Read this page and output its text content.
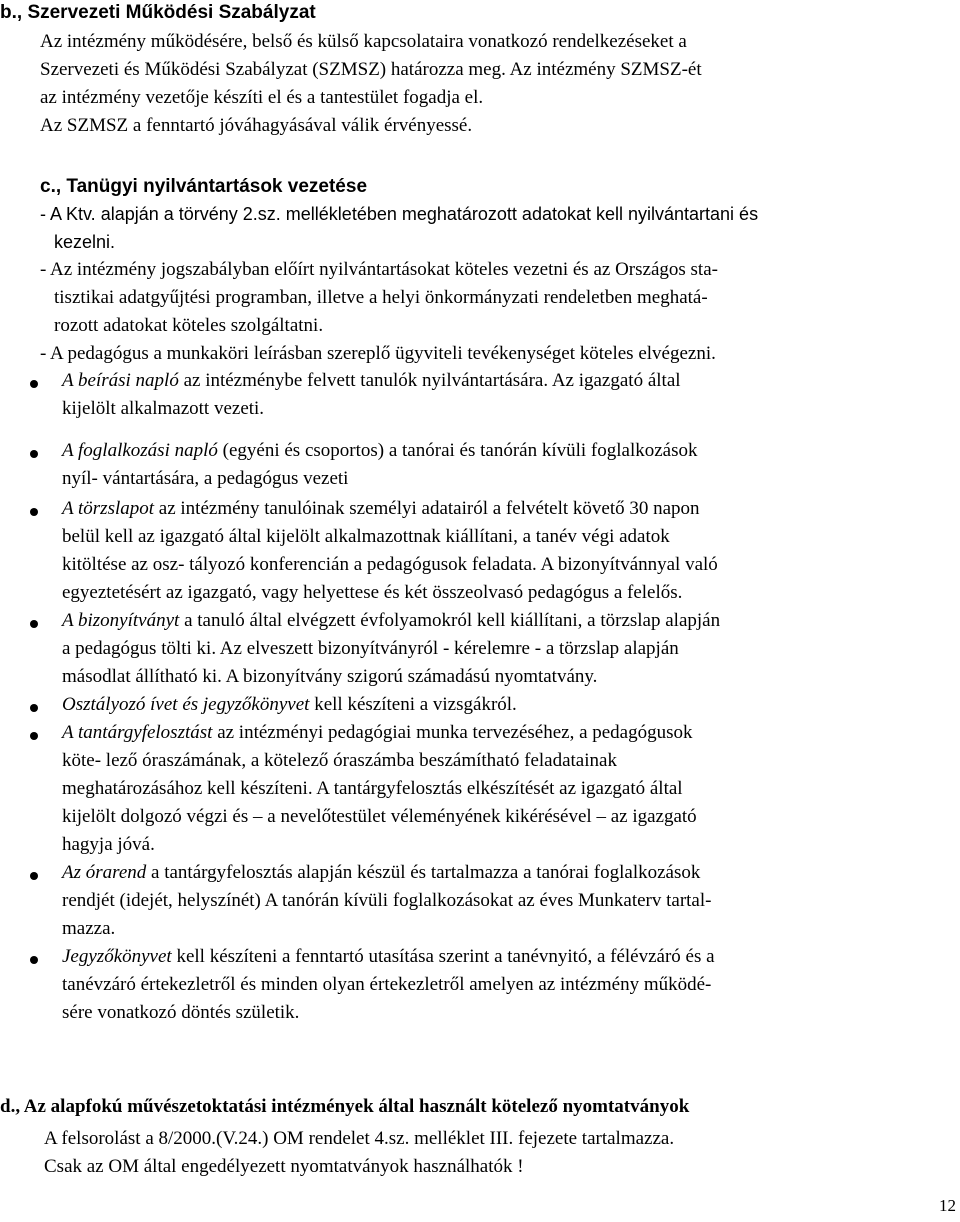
b., Szervezeti Működési Szabályzat
Az intézmény működésére, belső és külső kapcsolataira vonatkozó rendelkezéseket a
Szervezeti és Működési Szabályzat (SZMSZ) határozza meg. Az intézmény SZMSZ-ét
az intézmény vezetője készíti el és a tantestület fogadja el.
Az SZMSZ a fenntartó jóváhagyásával válik érvényessé.
c., Tanügyi nyilvántartások vezetése
- A Ktv. alapján a törvény 2.sz. mellékletében meghatározott adatokat kell nyilvántartani és
kezelni.
- Az intézmény jogszabályban előírt nyilvántartásokat köteles vezetni és az Országos sta-
tisztikai adatgyűjtési programban, illetve a helyi önkormányzati rendeletben meghatá-
rozott adatokat köteles szolgáltatni.
- A pedagógus a munkaköri leírásban szereplő ügyviteli tevékenységet köteles elvégezni.
A beírási napló az intézménybe felvett tanulók nyilvántartására. Az igazgató által
kijelölt alkalmazott vezeti.
A foglalkozási napló (egyéni és csoportos) a tanórai és tanórán kívüli foglalkozások
nyíl- vántartására, a pedagógus vezeti
A törzslapot az intézmény tanulóinak személyi adatairól a felvételt követő 30 napon
belül kell az igazgató által kijelölt alkalmazottnak kiállítani, a tanév végi adatok
kitöltése az osz- tályozó konferencián a pedagógusok feladata. A bizonyítvánnyal való
egyeztetésért az igazgató, vagy helyettese és két összeolvasó pedagógus a felelős.
A bizonyítványt a tanuló által elvégzett évfolyamokról kell kiállítani, a törzslap alapján
a pedagógus tölti ki. Az elveszett bizonyítványról - kérelemre - a törzslap alapján
másodlat állítható ki. A bizonyítvány szigorú számadású nyomtatvány.
Osztályozó ívet és jegyzőkönyvet kell készíteni a vizsgákról.
A tantárgyfelosztást az intézményi pedagógiai munka tervezéséhez, a pedagógusok
köte- lező óraszámának, a kötelező óraszámba beszámítható feladatainak
meghatározásához kell készíteni. A tantárgyfelosztás elkészítését az igazgató által
kijelölt dolgozó végzi és – a nevelőtestület véleményének kikérésével – az igazgató
hagyja jóvá.
Az órarend a tantárgyfelosztás alapján készül és tartalmazza a tanórai foglalkozások
rendjét (idejét, helyszínét) A tanórán kívüli foglalkozásokat az éves Munkaterv tartal-
mazza.
Jegyzőkönyvet kell készíteni a fenntartó utasítása szerint a tanévnyitó, a félévzáró és a
tanévzáró értekezletről és minden olyan értekezletről amelyen az intézmény működé-
sére vonatkozó döntés születik.
d., Az alapfokú művészetoktatási intézmények által használt kötelező nyomtatványok
A felsorolást a 8/2000.(V.24.) OM rendelet 4.sz. melléklet III. fejezete tartalmazza.
Csak az OM által engedélyezett nyomtatványok használhatók !
12
